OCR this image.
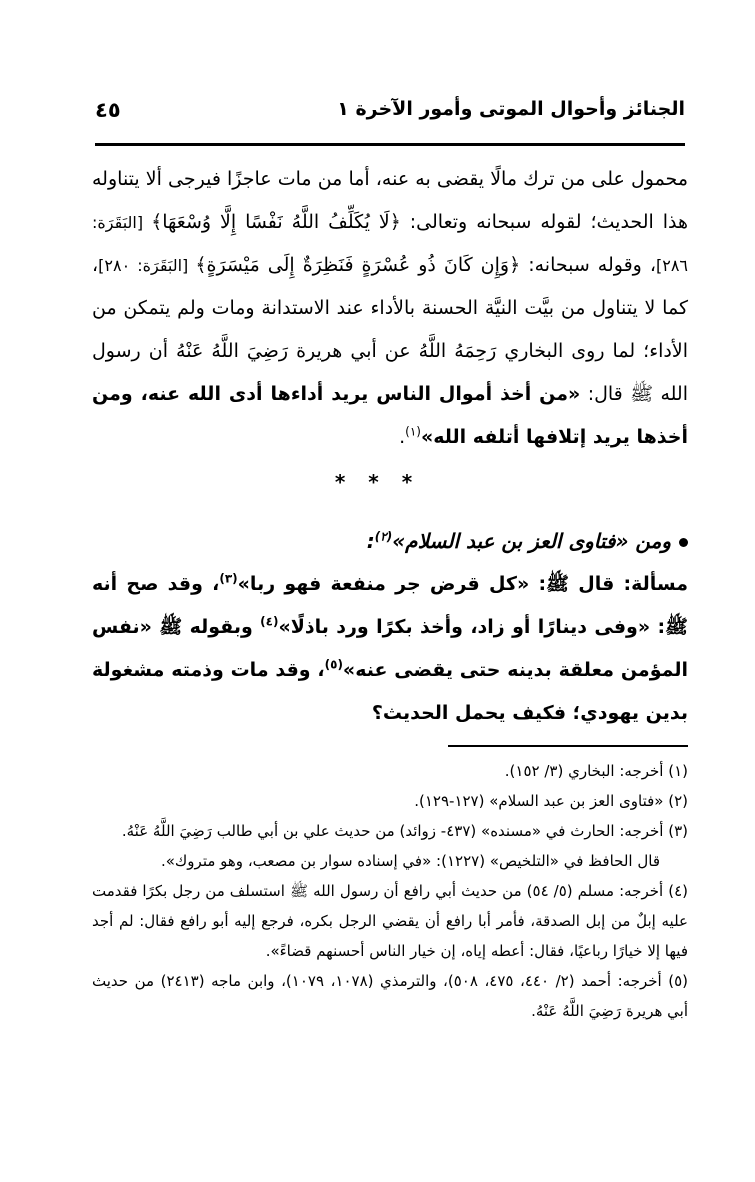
الجنائز وأحوال الموتى وأمور الآخرة ١
٤٥

محمول على من ترك مالًا يقضى به عنه، أما من مات عاجزًا فيرجى ألا يتناوله هذا الحديث؛ لقوله سبحانه وتعالى: ﴿لَا يُكَلِّفُ اللَّهُ نَفْسًا إِلَّا وُسْعَهَا﴾ [البَقَرَة: ٢٨٦]، وقوله سبحانه: ﴿وَإِن كَانَ ذُو عُسْرَةٍ فَنَظِرَةٌ إِلَى مَيْسَرَةٍ﴾ [البَقَرَة: ٢٨٠]، كما لا يتناول من بيَّت النيَّة الحسنة بالأداء عند الاستدانة ومات ولم يتمكن من الأداء؛ لما روى البخاري رَحِمَهُ اللَّهُ عن أبي هريرة رَضِيَ اللَّهُ عَنْهُ أن رسول الله ﷺ قال: «من أخذ أموال الناس يريد أداءها أدى الله عنه، ومن أخذها يريد إتلافها أتلفه الله»$^{(١)}$.

* * *

ومن «فتاوى العز بن عبد السلام»$^{(٢)}$:

مسألة: قال ﷺ: «كل قرض جر منفعة فهو ربا»$^{(٣)}$، وقد صح أنه ﷺ: «وفى دينارًا أو زاد، وأخذ بكرًا ورد باذلًا»$^{(٤)}$ وبقوله ﷺ «نفس المؤمن معلقة بدينه حتى يقضى عنه»$^{(٥)}$، وقد مات وذمته مشغولة بدين يهودي؛ فكيف يحمل الحديث؟

(١) أخرجه: البخاري (٣/ ١٥٢).

(٢) «فتاوى العز بن عبد السلام» (١٢٧-١٢٩).

(٣) أخرجه: الحارث في «مسنده» (٤٣٧- زوائد) من حديث علي بن أبي طالب رَضِيَ اللَّهُ عَنْهُ.

قال الحافظ في «التلخيص» (١٢٢٧): «في إسناده سوار بن مصعب، وهو متروك».

(٤) أخرجه: مسلم (٥/ ٥٤) من حديث أبي رافع أن رسول الله ﷺ استسلف من رجل بكرًا فقدمت عليه إبلٌ من إبل الصدقة، فأمر أبا رافع أن يقضي الرجل بكره، فرجع إليه أبو رافع فقال: لم أجد فيها إلا خيارًا رباعيًا، فقال: أعطه إياه، إن خيار الناس أحسنهم قضاءً».

(٥) أخرجه: أحمد (٢/ ٤٤٠، ٤٧٥، ٥٠٨)، والترمذي (١٠٧٨، ١٠٧٩)، وابن ماجه (٢٤١٣) من حديث أبي هريرة رَضِيَ اللَّهُ عَنْهُ.
